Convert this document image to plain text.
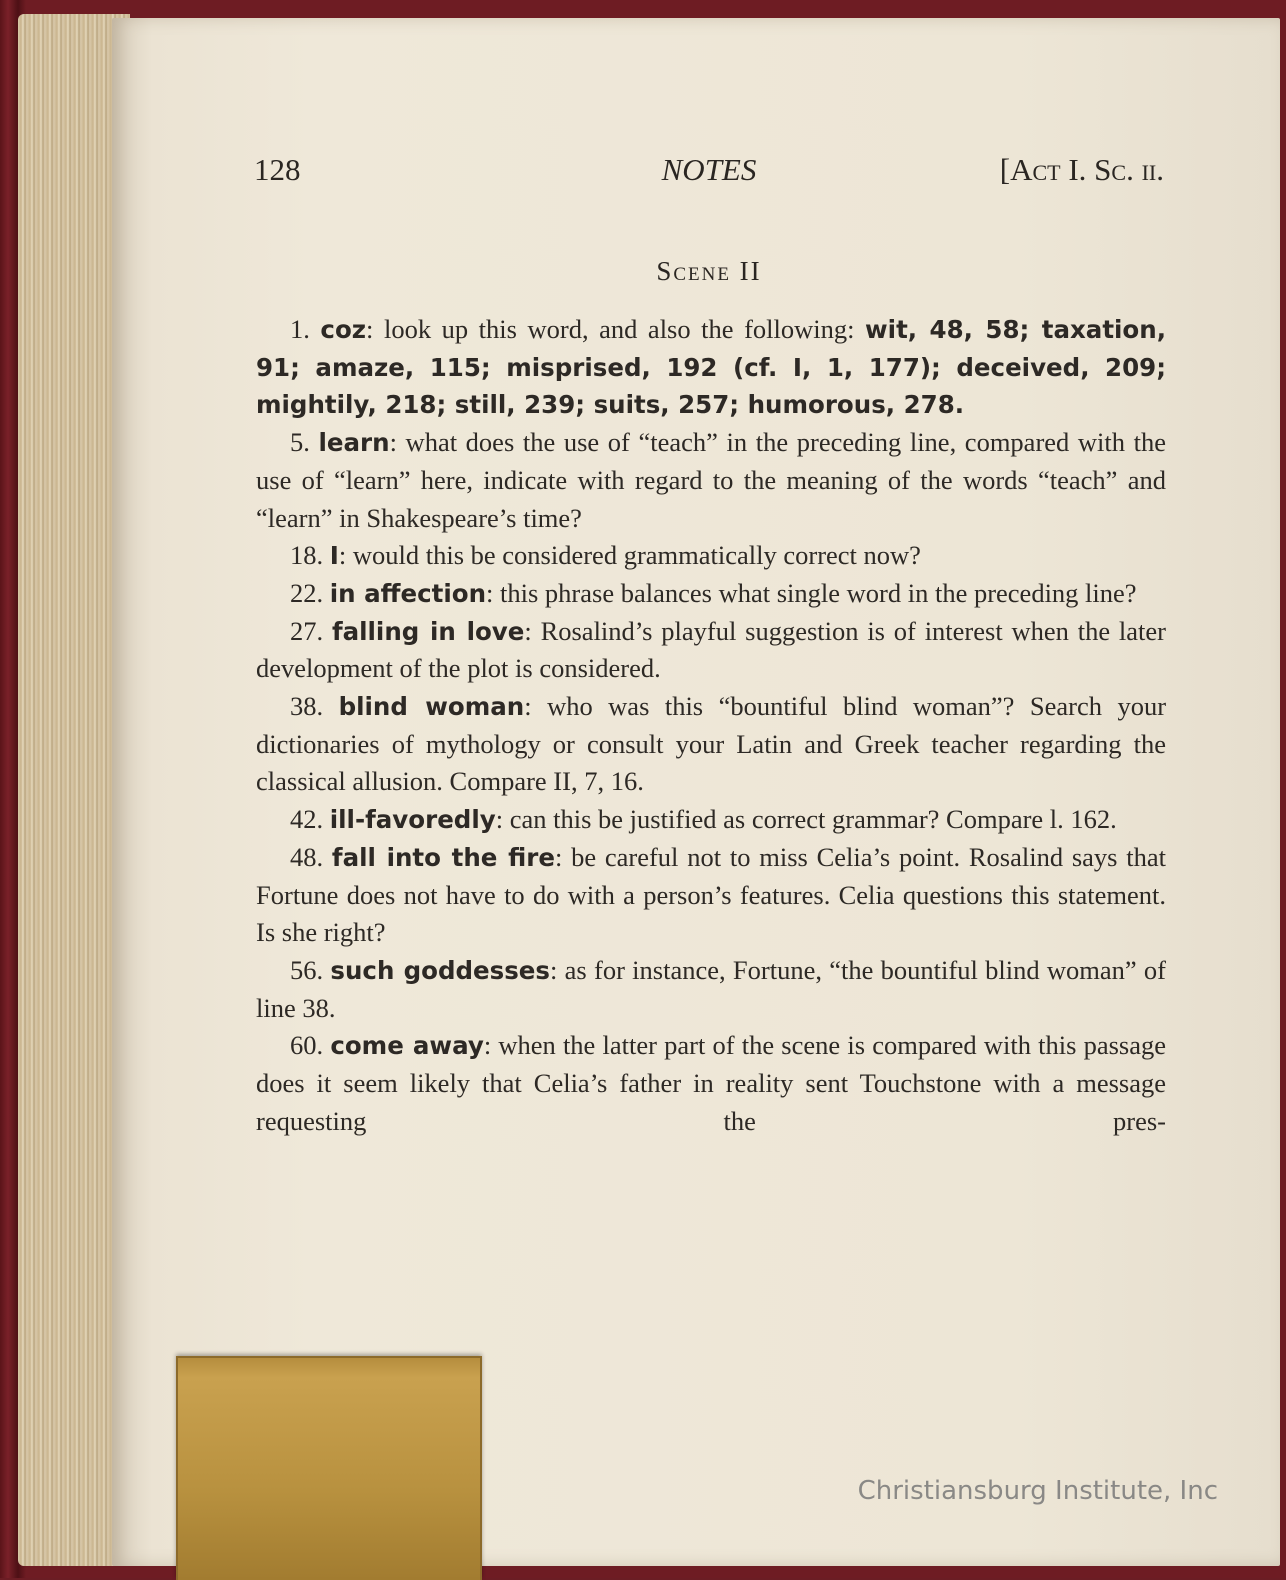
128	NOTES	[Act I. Sc. ii.
Scene II

1. coz: look up this word, and also the following: wit, 48, 58; taxation, 91; amaze, 115; misprised, 192 (cf. I, 1, 177); deceived, 209; mightily, 218; still, 239; suits, 257; humorous, 278.

5. learn: what does the use of “teach” in the preceding line, compared with the use of “learn” here, indicate with regard to the meaning of the words “teach” and “learn” in Shakespeare’s time?

18. I: would this be considered grammatically correct now?

22. in affection: this phrase balances what single word in the preceding line?

27. falling in love: Rosalind’s playful suggestion is of interest when the later development of the plot is considered.

38. blind woman: who was this “bountiful blind woman”? Search your dictionaries of mythology or consult your Latin and Greek teacher regarding the classical allusion. Compare II, 7, 16.

42. ill-favoredly: can this be justified as correct grammar? Compare l. 162.

48. fall into the fire: be careful not to miss Celia’s point. Rosalind says that Fortune does not have to do with a person’s features. Celia questions this statement. Is she right?

56. such goddesses: as for instance, Fortune, “the bountiful blind woman” of line 38.

60. come away: when the latter part of the scene is compared with this passage does it seem likely that Celia’s father in reality sent Touchstone with a message requesting the pres-

Christiansburg Institute, Inc
